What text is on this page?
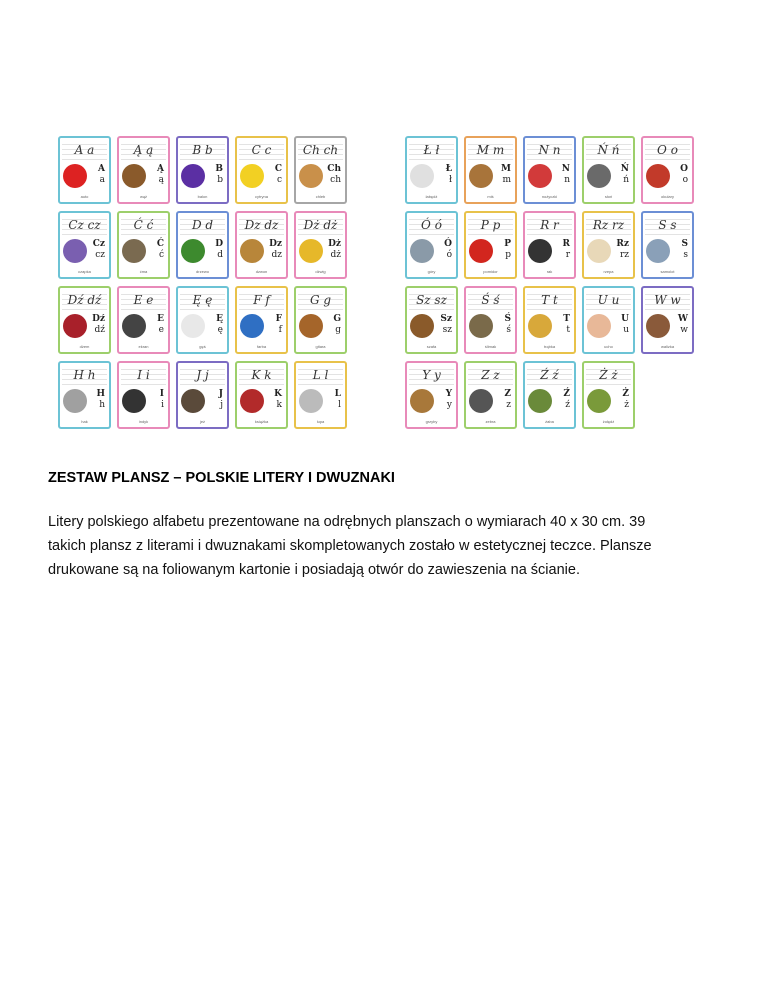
A a
A
a
auto
Ą ą
Ą
ą
wąż
B b
B
b
balon
C c
C
c
cytryna
Ch ch
Ch
ch
chleb
Cz cz
Cz
cz
czapka
Ć ć
Ć
ć
ćma
D d
D
d
drzewo
Dz dz
Dz
dz
dzwon
Dż dż
Dż
dż
dźwig
Dź dź
Dź
dź
dżem
E e
E
e
ekran
Ę ę
Ę
ę
gęś
F f
F
f
farba
G g
G
g
gitara
H h
H
h
hak
I i
I
i
indyk
J j
J
j
jeż
K k
K
k
książka
L l
L
l
lupa
Ł ł
Ł
ł
łabędź
M m
M
m
miś
N n
N
n
nożyczki
Ń ń
Ń
ń
słoń
O o
O
o
okulary
Ó ó
Ó
ó
góry
P p
P
p
pomidor
R r
R
r
rak
Rz rz
Rz
rz
rzepa
S s
S
s
samolot
Sz sz
Sz
sz
szafa
Ś ś
Ś
ś
ślimak
T t
T
t
trąbka
U u
U
u
ucho
W w
W
w
walizka
Y y
Y
y
grzyby
Z z
Z
z
zebra
Ź ź
Ź
ź
żaba
Ż ż
Ż
ż
żołędź
ZESTAW PLANSZ – POLSKIE LITERY I DWUZNAKI

Litery polskiego alfabetu prezentowane na odrębnych planszach o wymiarach 40 x 30 cm. 39 takich plansz z literami i dwuznakami skompletowanych zostało w estetycznej teczce. Plansze drukowane są na foliowanym kartonie i posiadają otwór do zawieszenia na ścianie.
